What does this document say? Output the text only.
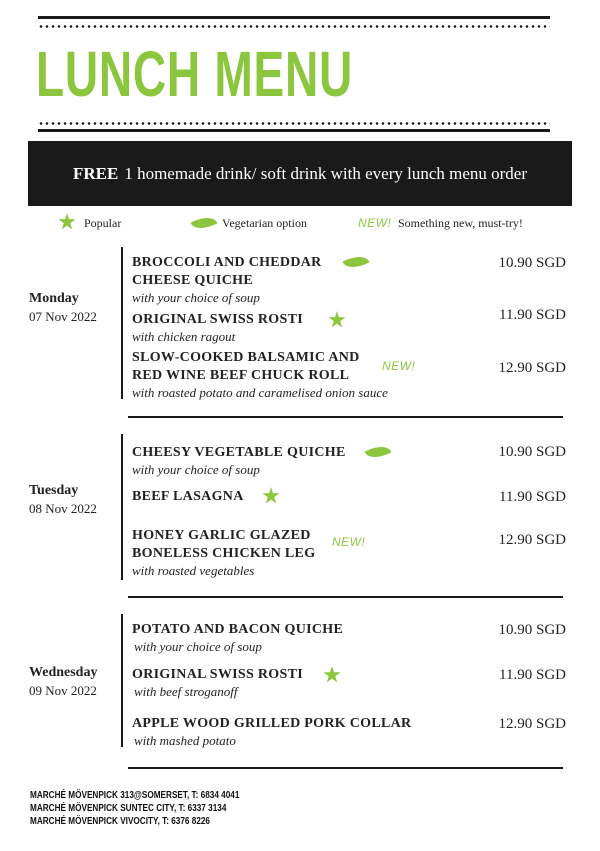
LUNCH MENU
FREE 1 homemade drink/ soft drink with every lunch menu order
Popular	Vegetarian option	NEW! Something new, must-try!
Monday
07 Nov 2022
BROCCOLI AND CHEDDAR
CHEESE QUICHE
with your choice of soup
10.90 SGD
ORIGINAL SWISS ROSTI
with chicken ragout
11.90 SGD
SLOW-COOKED BALSAMIC AND
RED WINE BEEF CHUCK ROLL
with roasted potato and caramelised onion sauce
NEW!	12.90 SGD
Tuesday
08 Nov 2022
CHEESY VEGETABLE QUICHE
with your choice of soup
10.90 SGD
BEEF LASAGNA	11.90 SGD
HONEY GARLIC GLAZED
BONELESS CHICKEN LEG
with roasted vegetables
NEW!	12.90 SGD
Wednesday
09 Nov 2022
POTATO AND BACON QUICHE
with your choice of soup
10.90 SGD
ORIGINAL SWISS ROSTI
with beef stroganoff
11.90 SGD
APPLE WOOD GRILLED PORK COLLAR
with mashed potato
12.90 SGD
MARCHÉ MÖVENPICK 313@SOMERSET, T: 6834 4041
MARCHÉ MÖVENPICK SUNTEC CITY, T: 6337 3134
MARCHÉ MÖVENPICK VIVOCITY, T: 6376 8226
